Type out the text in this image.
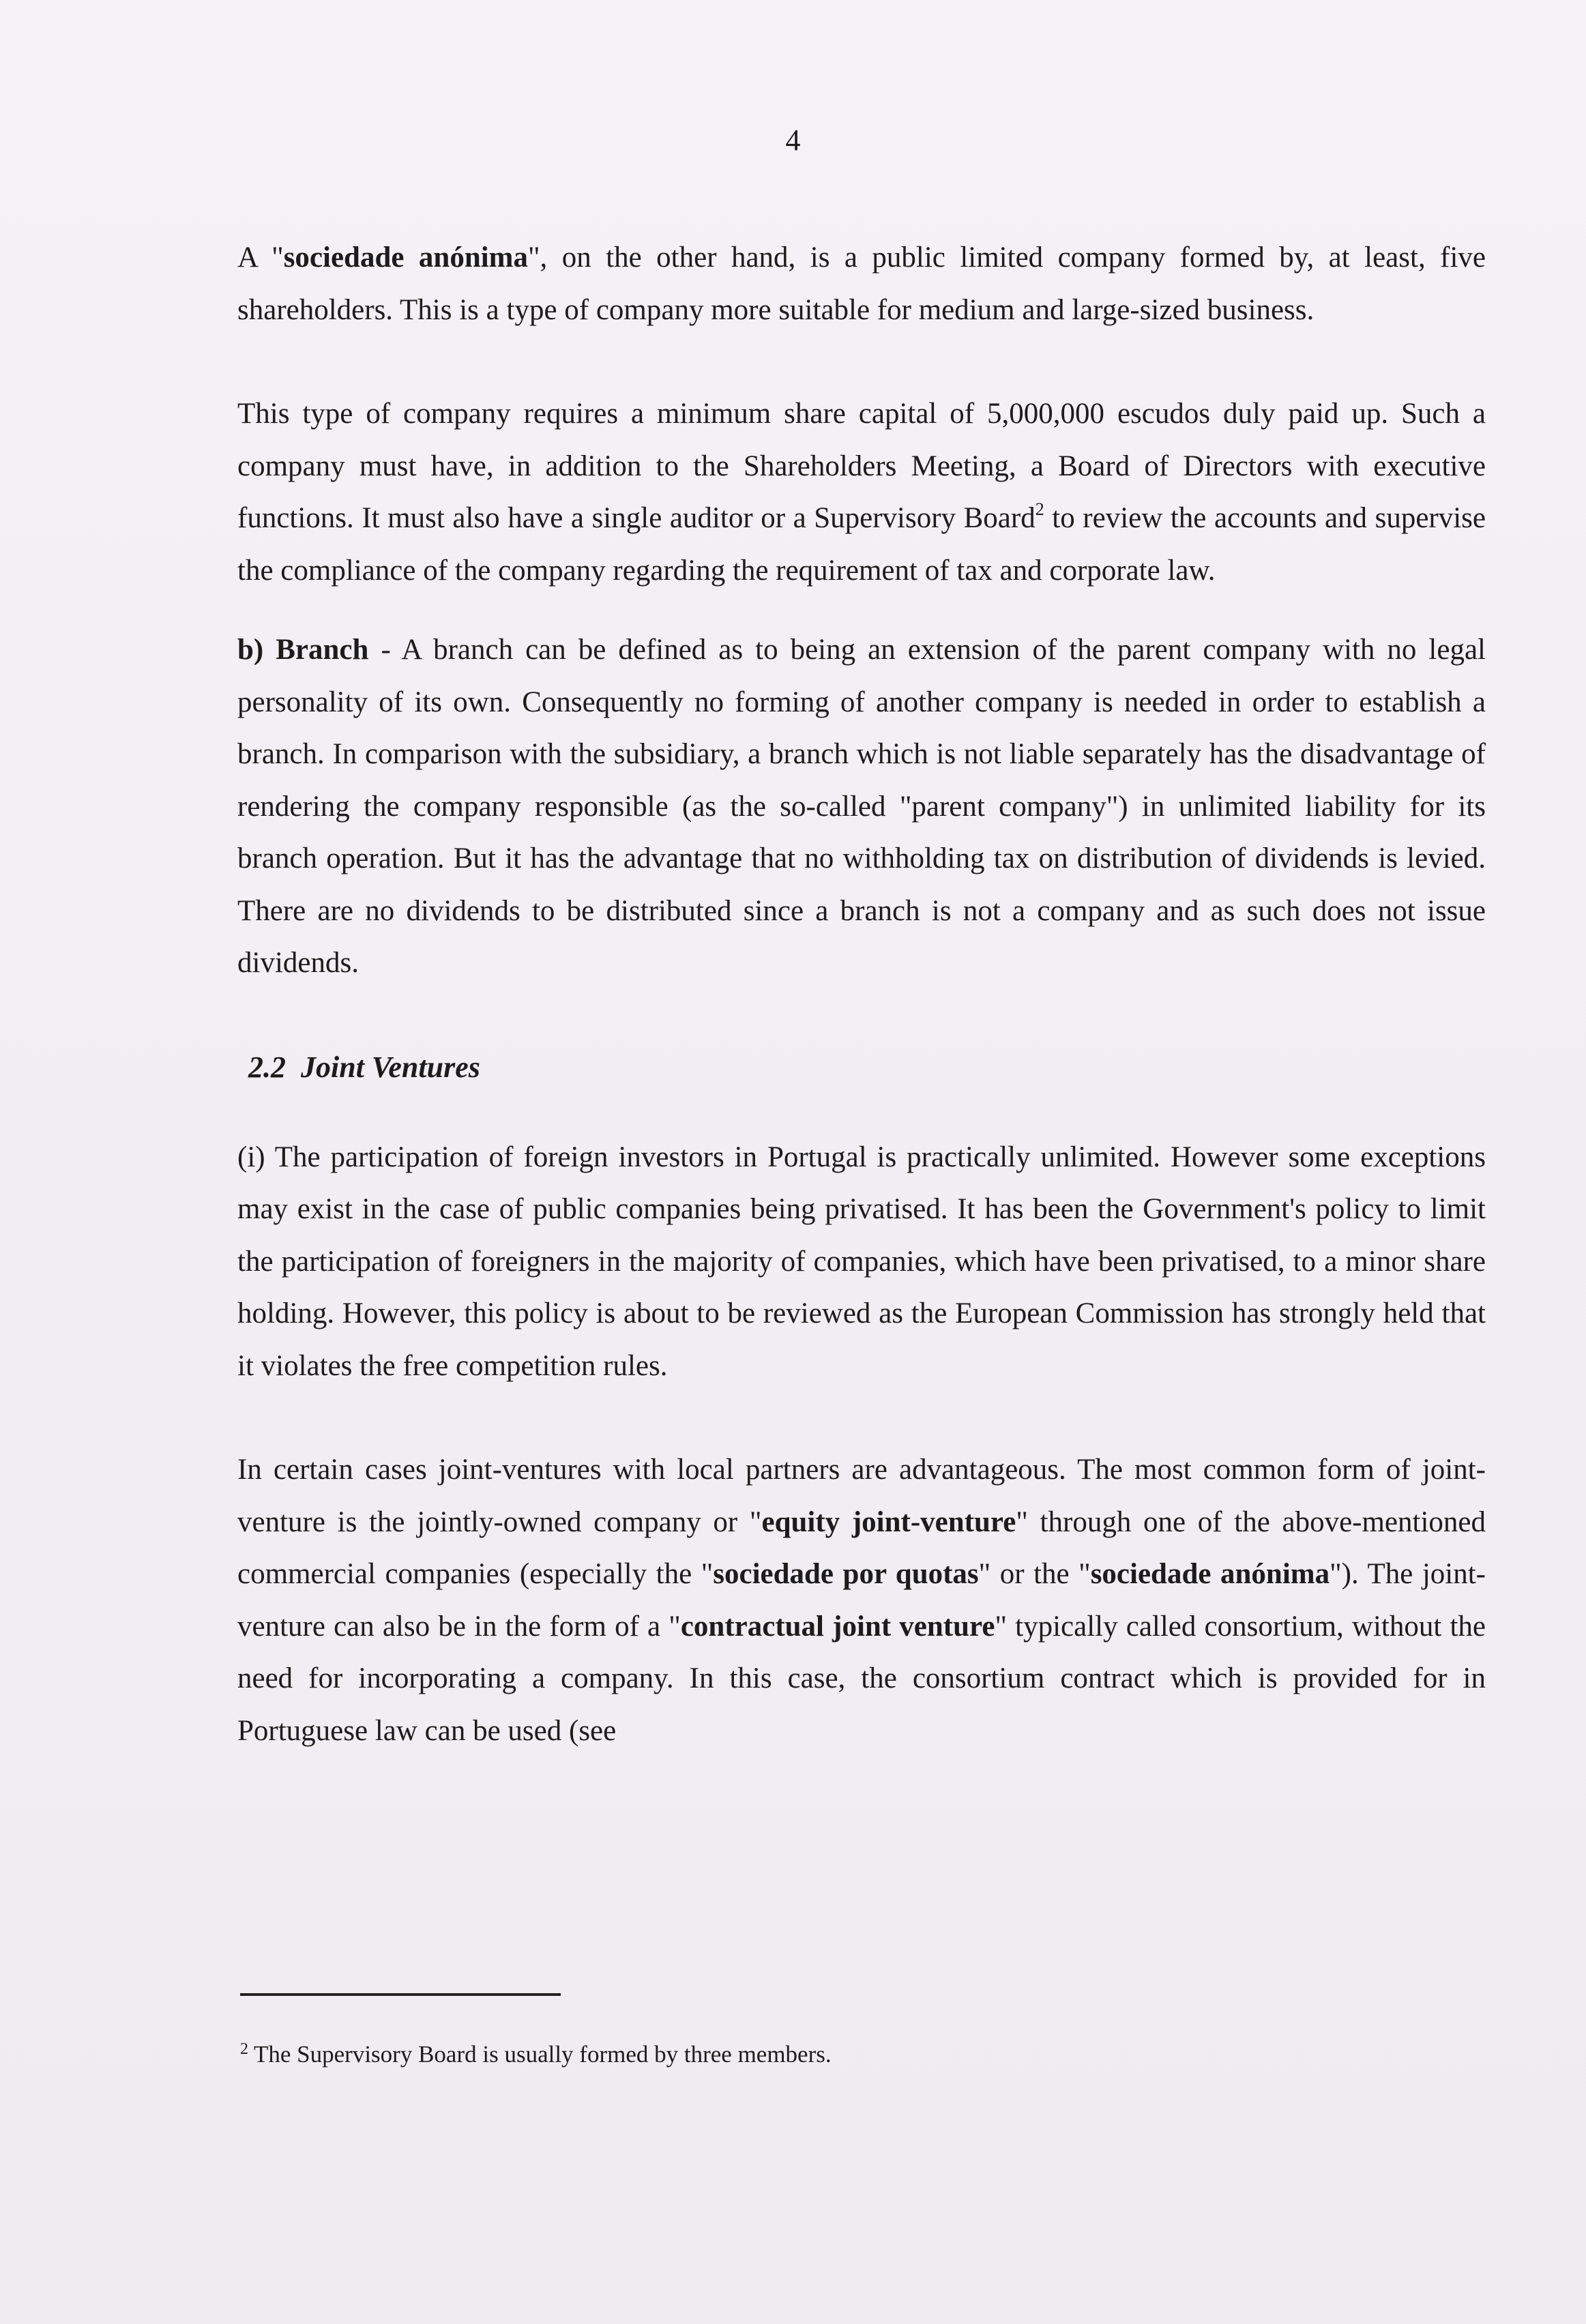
4

A "sociedade anónima", on the other hand, is a public limited company formed by, at least, five shareholders. This is a type of company more suitable for medium and large-sized business.

This type of company requires a minimum share capital of 5,000,000 escudos duly paid up. Such a company must have, in addition to the Shareholders Meeting, a Board of Directors with executive functions. It must also have a single auditor or a Supervisory Board$^2$ to review the accounts and supervise the compliance of the company regarding the requirement of tax and corporate law.

b) Branch - A branch can be defined as to being an extension of the parent company with no legal personality of its own. Consequently no forming of another company is needed in order to establish a branch. In comparison with the subsidiary, a branch which is not liable separately has the disadvantage of rendering the company responsible (as the so-called "parent company") in unlimited liability for its branch operation. But it has the advantage that no withholding tax on distribution of dividends is levied. There are no dividends to be distributed since a branch is not a company and as such does not issue dividends.

2.2 Joint Ventures

(i) The participation of foreign investors in Portugal is practically unlimited. However some exceptions may exist in the case of public companies being privatised. It has been the Government's policy to limit the participation of foreigners in the majority of companies, which have been privatised, to a minor share holding. However, this policy is about to be reviewed as the European Commission has strongly held that it violates the free competition rules.

In certain cases joint-ventures with local partners are advantageous. The most common form of joint-venture is the jointly-owned company or "equity joint-venture" through one of the above-mentioned commercial companies (especially the "sociedade por quotas" or the "sociedade anónima"). The joint-venture can also be in the form of a "contractual joint venture" typically called consortium, without the need for incorporating a company. In this case, the consortium contract which is provided for in Portuguese law can be used (see

$^2$ The Supervisory Board is usually formed by three members.
